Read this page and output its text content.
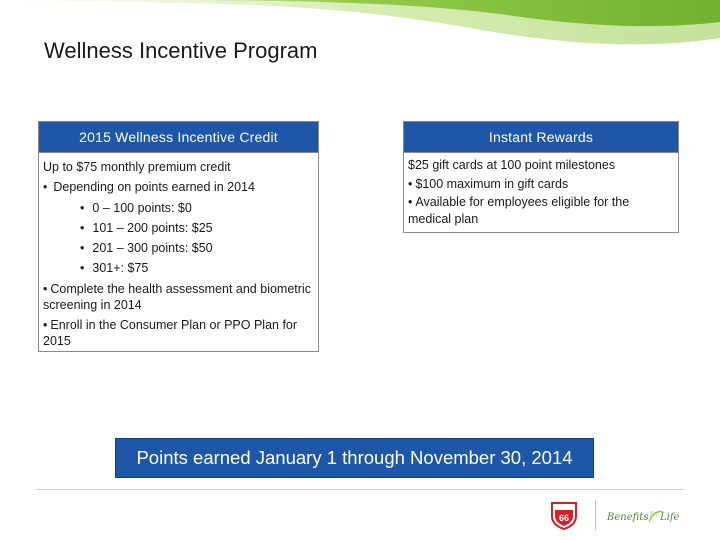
Wellness Incentive Program
2015 Wellness Incentive Credit

Up to $75 monthly premium credit

• Depending on points earned in 2014

• 0 – 100 points: $0

• 101 – 200 points: $25

• 201 – 300 points: $50

• 301+: $75

• Complete the health assessment and biometric screening in 2014

• Enroll in the Consumer Plan or PPO Plan for 2015

Instant Rewards

$25 gift cards at 100 point milestones

• $100 maximum in gift cards

• Available for employees eligible for the medical plan

Points earned January 1 through November 30, 2014
66	Benefits for Life
